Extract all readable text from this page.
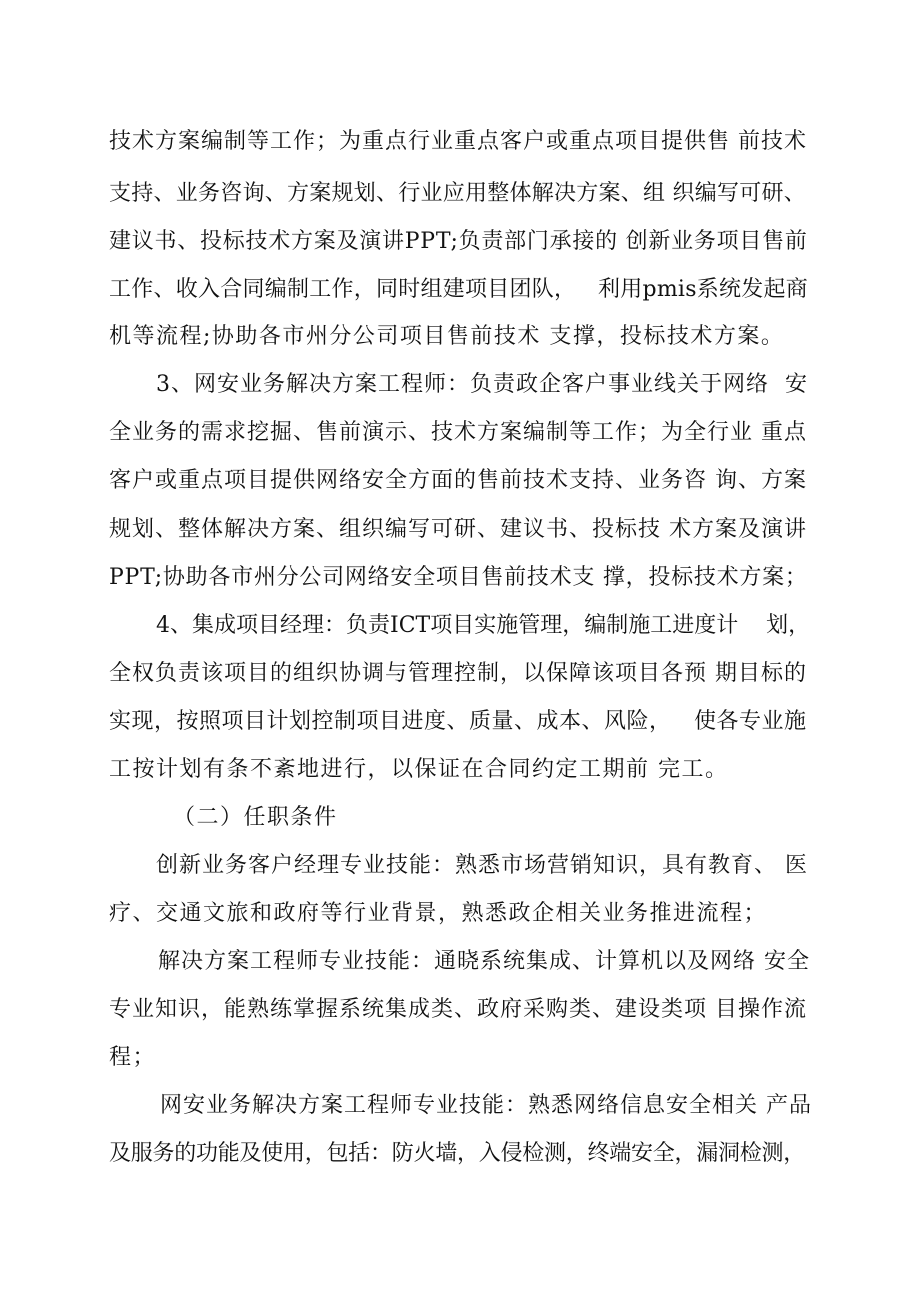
技术方案编制等工作；为重点行业重点客户或重点项目提供售 前技术
支持、业务咨询、方案规划、行业应用整体解决方案、组 织编写可研、
建议书、投标技术方案及演讲PPT;负责部门承接的 创新业务项目售前
工作、收入合同编制工作，同时组建项目团队，   利用pmis系统发起商
机等流程;协助各市州分公司项目售前技术 支撑，投标技术方案。
3、网安业务解决方案工程师：负责政企客户事业线关于网络  安
全业务的需求挖掘、售前演示、技术方案编制等工作；为全行业 重点
客户或重点项目提供网络安全方面的售前技术支持、业务咨 询、方案
规划、整体解决方案、组织编写可研、建议书、投标技 术方案及演讲
PPT;协助各市州分公司网络安全项目售前技术支 撑，投标技术方案；
4、集成项目经理：负责ICT项目实施管理，编制施工进度计    划，
全权负责该项目的组织协调与管理控制，以保障该项目各预 期目标的
实现，按照项目计划控制项目进度、质量、成本、风险，   使各专业施
工按计划有条不紊地进行，以保证在合同约定工期前 完工。
（二）任职条件
创新业务客户经理专业技能：熟悉市场营销知识，具有教育、 医
疗、交通文旅和政府等行业背景，熟悉政企相关业务推进流程；
解决方案工程师专业技能：通晓系统集成、计算机以及网络 安全
专业知识，能熟练掌握系统集成类、政府采购类、建设类项 目操作流
程；
网安业务解决方案工程师专业技能：熟悉网络信息安全相关 产品
及服务的功能及使用，包括：防火墙，入侵检测，终端安全，漏洞检测，
